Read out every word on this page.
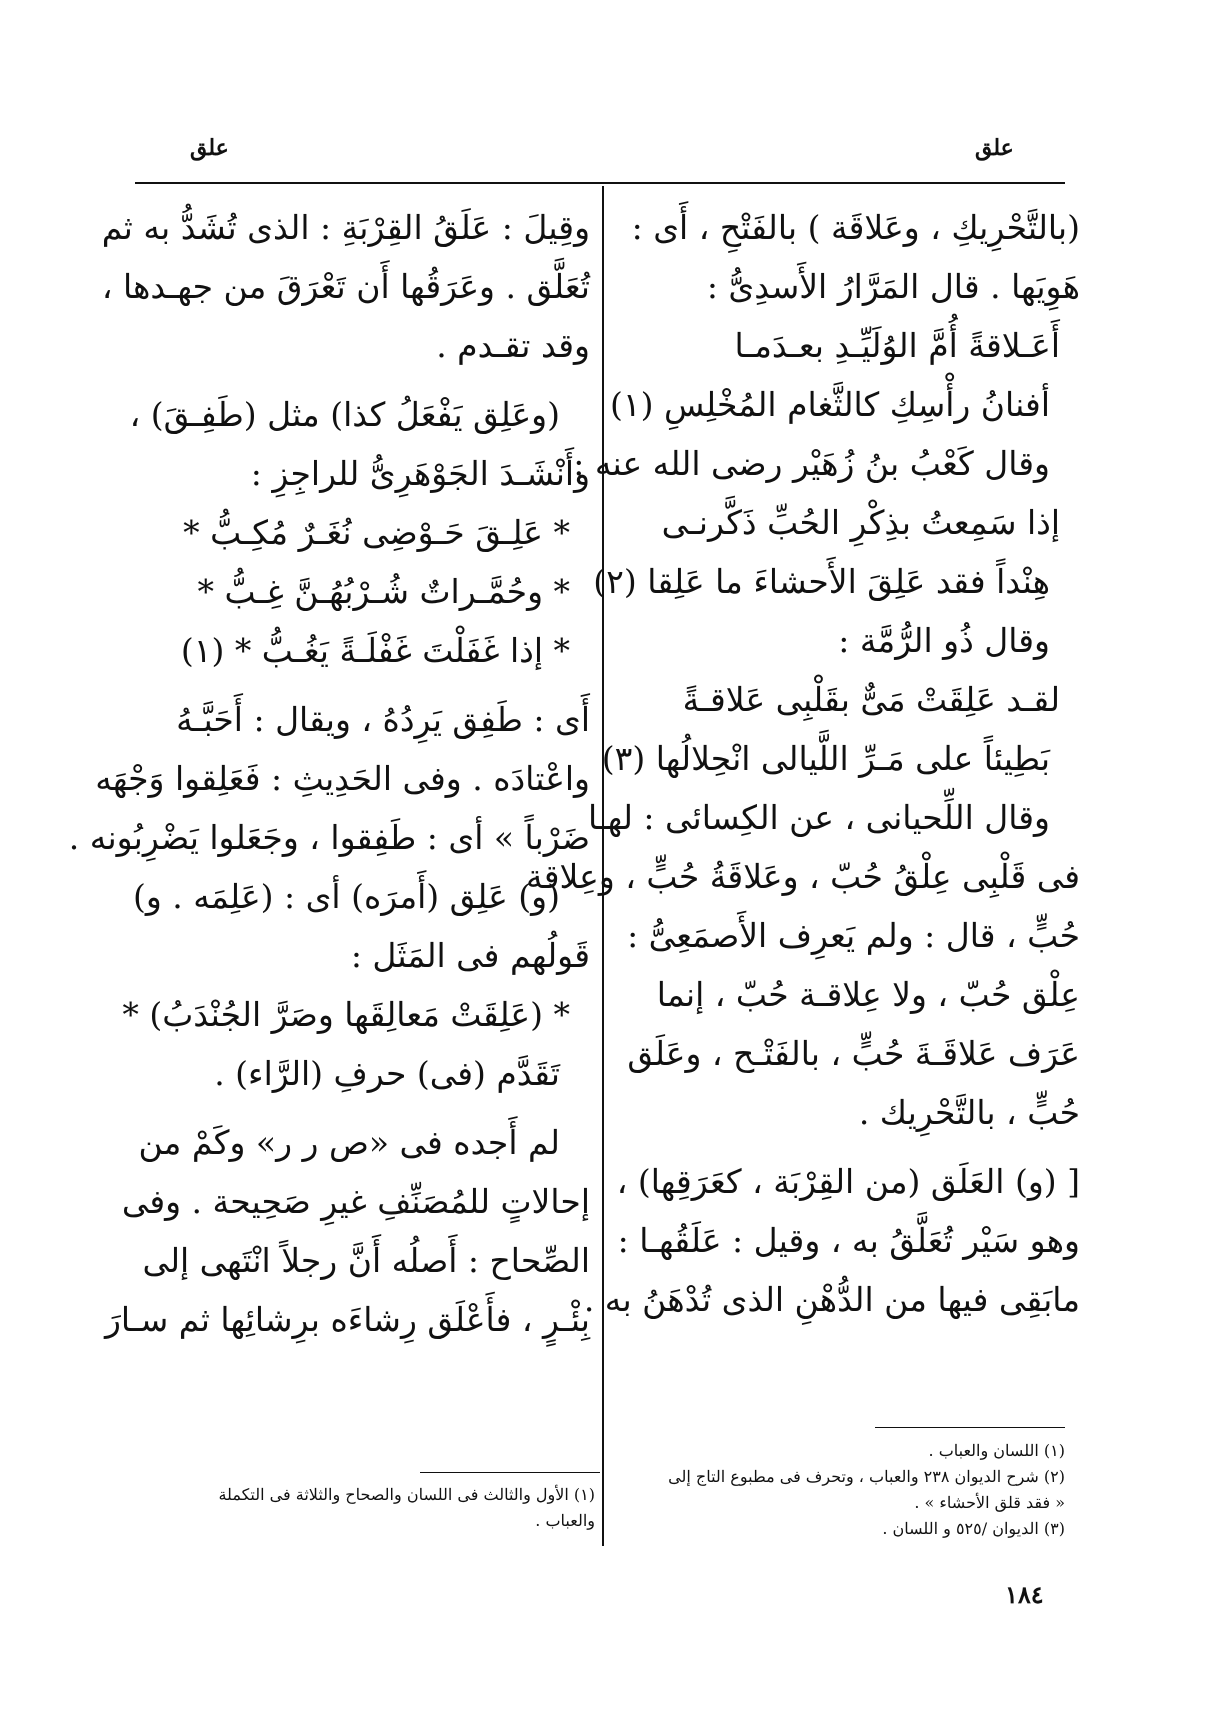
علق
علق
(بالتَّحْرِيكِ ، وعَلاقَة ) بالفَتْحِ ، أَى :
هَوِيَها . قال المَرَّارُ الأَسدِىُّ :
أَعَـلاقةً أُمَّ الوُلَيِّـدِ بعـدَمـا
أفنانُ رأْسِكِ كالثَّغام المُخْلِسِ (١)
وقال كَعْبُ بنُ زُهَيْر رضى الله عنه :
إذا سَمِعتُ بذِكْرِ الحُبِّ ذَكَّرنـى
هِنْداً فقد عَلِقَ الأَحشاءَ ما عَلِقا (٢)
وقال ذُو الرُّمَّة :
لقـد عَلِقَتْ مَىٌّ بقَلْبِى عَلاقـةً
بَطِيئاً على مَـرِّ اللَّيالى انْحِلالُها (٣)
وقال اللِّحيانى ، عن الكِسائى : لهـا
فى قَلْبِى عِلْقُ حُبّ ، وعَلاقَةُ حُبٍّ ، وعِلاقة
حُبٍّ ، قال : ولم يَعرِف الأَصمَعِىُّ :
عِلْق حُبّ ، ولا عِلاقـة حُبّ ، إنما
عَرَف عَلاقَـةَ حُبٍّ ، بالفَتْـح ، وعَلَق
حُبٍّ ، بالتَّحْرِيك .
[ (و) العَلَق (من القِرْبَة ، كعَرَقِها) ،
وهو سَيْر تُعَلَّقُ به ، وقيل : عَلَقُهـا :
مابَقِى فيها من الدُّهْنِ الذى تُدْهَنُ به .
وقِيلَ : عَلَقُ القِرْبَةِ : الذى تُشَدُّ به ثم
تُعَلَّق . وعَرَقُها أَن تَعْرَقَ من جهـدها ،
وقد تقـدم .
(وعَلِق يَفْعَلُ كذا) مثل (طَفِـقَ) ،
وأَنْشَـدَ الجَوْهَرِىُّ للراجِزِ :
* عَلِـقَ حَـوْضِى نُغَـرٌ مُكِـبُّ *
* وحُمَّـراتٌ شُـرْبُهُـنَّ غِـبُّ *
* إذا غَفَلْتَ غَفْلَـةً يَغُـبُّ * (١)
أَى : طَفِق يَرِدُهُ ، ويقال : أَحَبَّـهُ
واعْتادَه . وفى الحَدِيثِ : فَعَلِقوا وَجْهَه
ضَرْباً » أى : طَفِقوا ، وجَعَلوا يَضْرِبُونه .
(و) عَلِق (أَمرَه) أى : (عَلِمَه . و)
قَولُهم فى المَثَل :
* (عَلِقَتْ مَعالِقَها وصَرَّ الجُنْدَبُ) *
تَقَدَّم (فى) حرفِ (الرَّاء) .
لم أَجده فى «ص ر ر» وكَمْ من
إحالاتٍ للمُصَنِّفِ غيرِ صَحِيحة . وفى
الصِّحاح : أَصلُه أَنَّ رجلاً انْتَهى إلى
بِئْـرٍ ، فأَعْلَق رِشاءَه برِشائِها ثم سـارَ
(١) اللسان والعباب .
(٢) شرح الديوان ٢٣٨ والعباب ، وتحرف فى مطبوع التاج إلى
« فقد قلق الأحشاء » .
(٣) الديوان /٥٢٥ و اللسان .
(١) الأول والثالث فى اللسان والصحاح والثلاثة فى التكملة
والعباب .
١٨٤
